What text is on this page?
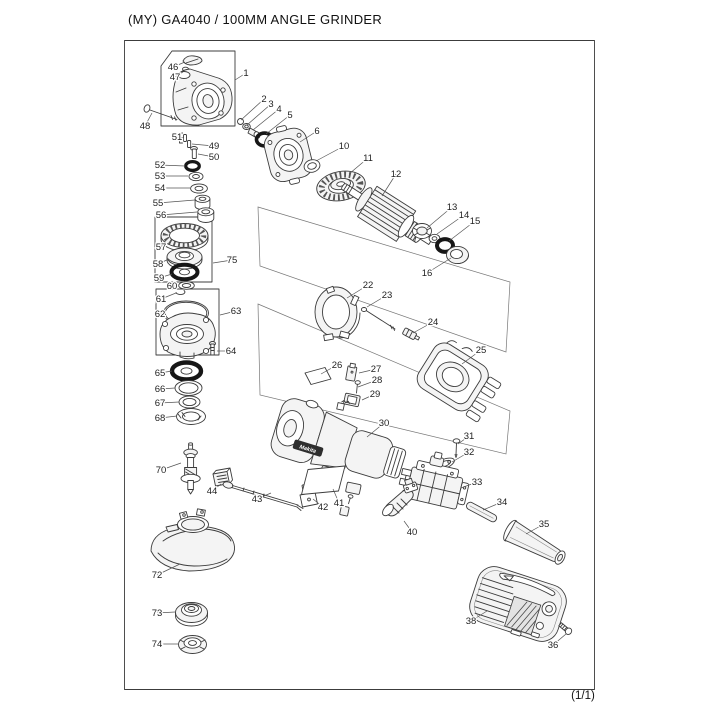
(MY) GA4040 / 100MM ANGLE GRINDER
Makita
1
2 3 4
5
6
10
11
12
13
14
15
16
22
23
24
25
26	27
28
29
30
31
32
33
34
35
36
38
40
41
42
43
44
46
47
48
49
50
51
52
53
54
55
56
57
58
59
60
61
62	63
64
65
66
67
68
70
72
73
74
75
(1/1)
